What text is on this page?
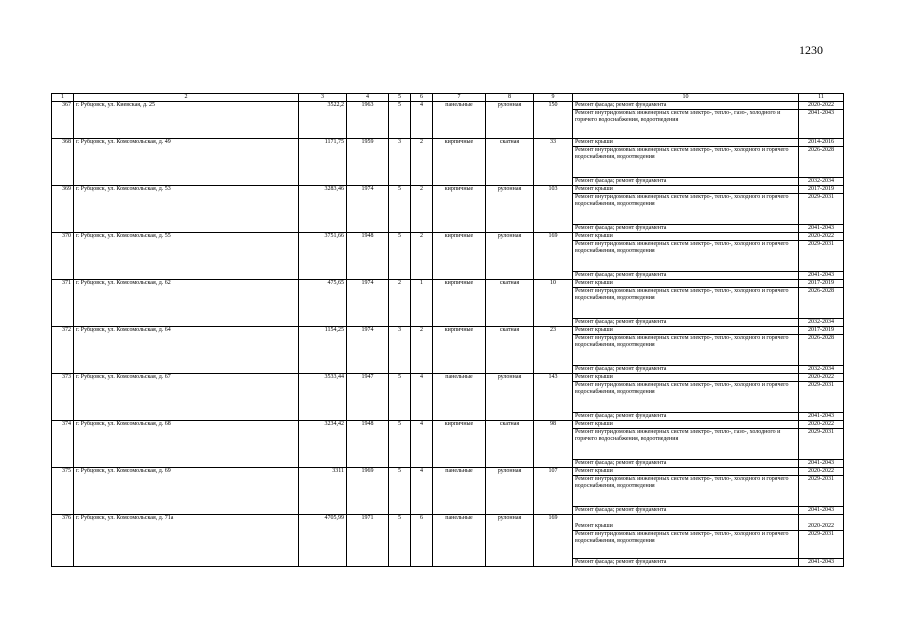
1230
1	2	3	4	5	6	7	8	9	10	11
367	г. Рубцовск, ул. Киевская, д. 25	3522,2	1963	5	4	панельные	рулонная	150	Ремонт фасада; ремонт фундамента	2020-2022
									Ремонт внутридомовых инженерных систем электро-, тепло-, газо-, холодного и горячего водоснабжения, водоотведения	2041-2043
368	г. Рубцовск, ул. Комсомольская, д. 49	1171,75	1959	3	2	кирпичные	скатная	33	Ремонт крыши	2014-2016
									Ремонт внутридомовых инженерных систем электро-, тепло-, холодного и горячего водоснабжения, водоотведения	2026-2028
									Ремонт фасада; ремонт фундамента	2032-2034
369	г. Рубцовск, ул. Комсомольская, д. 53	3283,46	1974	5	2	кирпичные	рулонная	103	Ремонт крыши	2017-2019
									Ремонт внутридомовых инженерных систем электро-, тепло-, холодного и горячего водоснабжения, водоотведения	2029-2031
									Ремонт фасада; ремонт фундамента	2041-2043
370	г. Рубцовск, ул. Комсомольская, д. 55	3751,66	1948	5	2	кирпичные	рулонная	169	Ремонт крыши	2020-2022
									Ремонт внутридомовых инженерных систем электро-, тепло-, холодного и горячего водоснабжения, водоотведения	2029-2031
									Ремонт фасада; ремонт фундамента	2041-2043
371	г. Рубцовск, ул. Комсомольская, д. 62	475,65	1974	2	1	кирпичные	скатная	10	Ремонт крыши	2017-2019
									Ремонт внутридомовых инженерных систем электро-, тепло-, холодного и горячего водоснабжения, водоотведения	2026-2028
									Ремонт фасада; ремонт фундамента	2032-2034
372	г. Рубцовск, ул. Комсомольская, д. 64	1154,25	1974	3	2	кирпичные	скатная	23	Ремонт крыши	2017-2019
									Ремонт внутридомовых инженерных систем электро-, тепло-, холодного и горячего водоснабжения, водоотведения	2026-2028
									Ремонт фасада; ремонт фундамента	2032-2034
373	г. Рубцовск, ул. Комсомольская, д. 67	3533,44	1947	5	4	панельные	рулонная	143	Ремонт крыши	2020-2022
									Ремонт внутридомовых инженерных систем электро-, тепло-, холодного и горячего водоснабжения, водоотведения	2029-2031
									Ремонт фасада; ремонт фундамента	2041-2043
374	г. Рубцовск, ул. Комсомольская, д. 68	3234,42	1948	5	4	кирпичные	скатная	98	Ремонт крыши	2020-2022
									Ремонт внутридомовых инженерных систем электро-, тепло-, газо-, холодного и горячего водоснабжения, водоотведения	2029-2031
									Ремонт фасада; ремонт фундамента	2041-2043
375	г. Рубцовск, ул. Комсомольская, д. 69	3311	1969	5	4	панельные	рулонная	107	Ремонт крыши	2020-2022
									Ремонт внутридомовых инженерных систем электро-, тепло-, холодного и горячего водоснабжения, водоотведения	2029-2031
									Ремонт фасада; ремонт фундамента	2041-2043
376	г. Рубцовск, ул. Комсомольская, д. 71а	4705,99	1971	5	6	панельные	рулонная	169	Ремонт крыши	2020-2022
									Ремонт внутридомовых инженерных систем электро-, тепло-, холодного и горячего водоснабжения, водоотведения	2029-2031
									Ремонт фасада; ремонт фундамента	2041-2043
